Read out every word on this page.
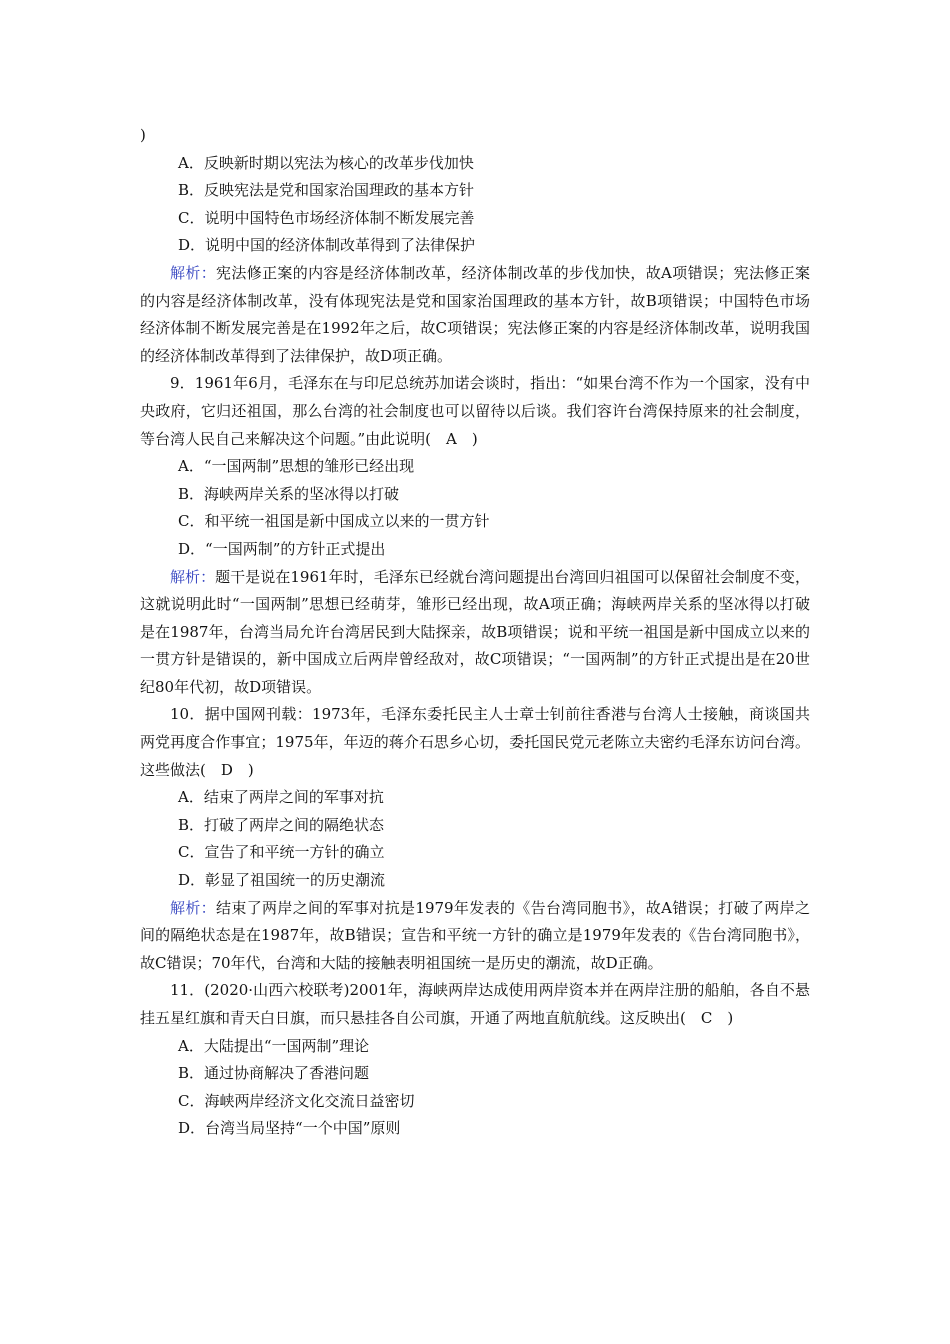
)

A．反映新时期以宪法为核心的改革步伐加快

B．反映宪法是党和国家治国理政的基本方针

C．说明中国特色市场经济体制不断发展完善

D．说明中国的经济体制改革得到了法律保护

解析：宪法修正案的内容是经济体制改革，经济体制改革的步伐加快，故A项错误；宪法修正案的内容是经济体制改革，没有体现宪法是党和国家治国理政的基本方针，故B项错误；中国特色市场经济体制不断发展完善是在1992年之后，故C项错误；宪法修正案的内容是经济体制改革，说明我国的经济体制改革得到了法律保护，故D项正确。

9．1961年6月，毛泽东在与印尼总统苏加诺会谈时，指出：“如果台湾不作为一个国家，没有中央政府，它归还祖国，那么台湾的社会制度也可以留待以后谈。我们容许台湾保持原来的社会制度，等台湾人民自己来解决这个问题。”由此说明(　A　)

A．“一国两制”思想的雏形已经出现

B．海峡两岸关系的坚冰得以打破

C．和平统一祖国是新中国成立以来的一贯方针

D．“一国两制”的方针正式提出

解析：题干是说在1961年时，毛泽东已经就台湾问题提出台湾回归祖国可以保留社会制度不变，这就说明此时“一国两制”思想已经萌芽，雏形已经出现，故A项正确；海峡两岸关系的坚冰得以打破是在1987年，台湾当局允许台湾居民到大陆探亲，故B项错误；说和平统一祖国是新中国成立以来的一贯方针是错误的，新中国成立后两岸曾经敌对，故C项错误；“一国两制”的方针正式提出是在20世纪80年代初，故D项错误。

10．据中国网刊载：1973年，毛泽东委托民主人士章士钊前往香港与台湾人士接触，商谈国共两党再度合作事宜；1975年，年迈的蒋介石思乡心切，委托国民党元老陈立夫密约毛泽东访问台湾。这些做法(　D　)

A．结束了两岸之间的军事对抗

B．打破了两岸之间的隔绝状态

C．宣告了和平统一方针的确立

D．彰显了祖国统一的历史潮流

解析：结束了两岸之间的军事对抗是1979年发表的《告台湾同胞书》，故A错误；打破了两岸之间的隔绝状态是在1987年，故B错误；宣告和平统一方针的确立是1979年发表的《告台湾同胞书》，故C错误；70年代，台湾和大陆的接触表明祖国统一是历史的潮流，故D正确。

11．(2020·山西六校联考)2001年，海峡两岸达成使用两岸资本并在两岸注册的船舶，各自不悬挂五星红旗和青天白日旗，而只悬挂各自公司旗，开通了两地直航航线。这反映出(　C　)

A．大陆提出“一国两制”理论

B．通过协商解决了香港问题

C．海峡两岸经济文化交流日益密切

D．台湾当局坚持“一个中国”原则
